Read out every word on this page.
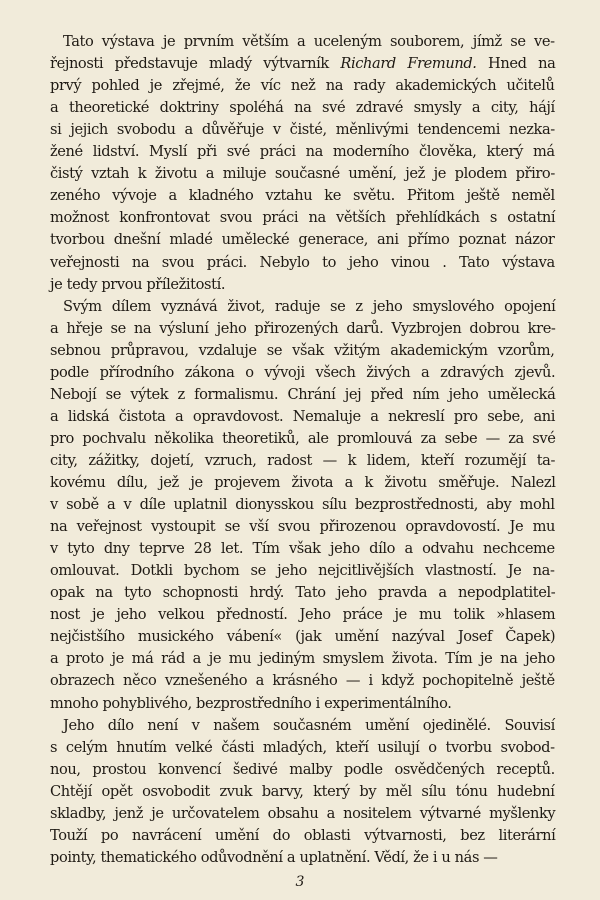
Tato výstava je prvním větším a uceleným souborem, jímž se ve-
řejnosti představuje mladý výtvarník Richard Fremund. Hned na
prvý pohled je zřejmé, že víc než na rady akademických učitelů
a theoretické doktriny spoléhá na své zdravé smysly a city, hájí
si jejich svobodu a důvěřuje v čisté, měnlivými tendencemi nezka-
žené lidství. Myslí při své práci na moderního člověka, který má
čistý vztah k životu a miluje současné umění, jež je plodem přiro-
zeného vývoje a kladného vztahu ke světu. Přitom ještě neměl
možnost konfrontovat svou práci na větších přehlídkách s ostatní
tvorbou dnešní mladé umělecké generace, ani přímo poznat názor
veřejnosti na svou práci. Nebylo to jeho vinou . Tato výstava
je tedy prvou příležitostí.
Svým dílem vyznává život, raduje se z jeho smyslového opojení
a hřeje se na výsluní jeho přirozených darů. Vyzbrojen dobrou kre-
sebnou průpravou, vzdaluje se však vžitým akademickým vzorům,
podle přírodního zákona o vývoji všech živých a zdravých zjevů.
Nebojí se výtek z formalismu. Chrání jej před ním jeho umělecká
a lidská čistota a opravdovost. Nemaluje a nekreslí pro sebe, ani
pro pochvalu několika theoretiků, ale promlouvá za sebe — za své
city, zážitky, dojetí, vzruch, radost — k lidem, kteří rozumějí ta-
kovému dílu, jež je projevem života a k životu směřuje. Nalezl
v sobě a v díle uplatnil dionysskou sílu bezprostřednosti, aby mohl
na veřejnost vystoupit se vší svou přirozenou opravdovostí. Je mu
v tyto dny teprve 28 let. Tím však jeho dílo a odvahu nechceme
omlouvat. Dotkli bychom se jeho nejcitlivějších vlastností. Je na-
opak na tyto schopnosti hrdý. Tato jeho pravda a nepodplatitel-
nost je jeho velkou předností. Jeho práce je mu tolik »hlasem
nejčistšího musického vábení« (jak umění nazýval Josef Čapek)
a proto je má rád a je mu jediným smyslem života. Tím je na jeho
obrazech něco vznešeného a krásného — i když pochopitelně ještě
mnoho pohyblivého, bezprostředního i experimentálního.
Jeho dílo není v našem současném umění ojedinělé. Souvisí
s celým hnutím velké části mladých, kteří usilují o tvorbu svobod-
nou, prostou konvencí šedivé malby podle osvědčených receptů.
Chtějí opět osvobodit zvuk barvy, který by měl sílu tónu hudební
skladby, jenž je určovatelem obsahu a nositelem výtvarné myšlenky
Touží po navrácení umění do oblasti výtvarnosti, bez literární
pointy, thematického odůvodnění a uplatnění. Vědí, že i u nás —
3
